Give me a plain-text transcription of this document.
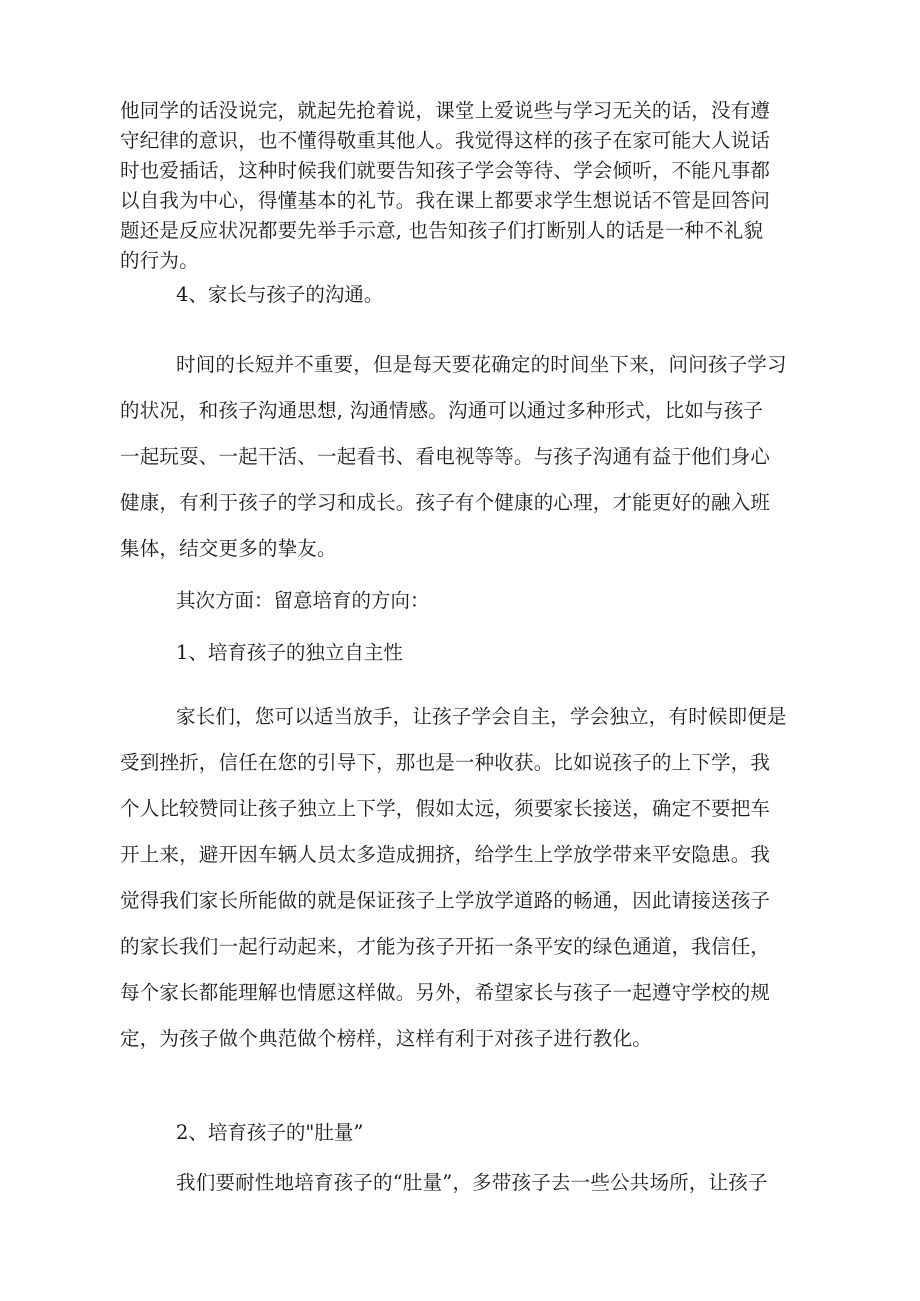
他同学的话没说完，就起先抢着说，课堂上爱说些与学习无关的话，没有遵
守纪律的意识，也不懂得敬重其他人。我觉得这样的孩子在家可能大人说话
时也爱插话，这种时候我们就要告知孩子学会等待、学会倾听，不能凡事都
以自我为中心，得懂基本的礼节。我在课上都要求学生想说话不管是回答问
题还是反应状况都要先举手示意, 也告知孩子们打断别人的话是一种不礼貌
的行为。
4、家长与孩子的沟通。
时间的长短并不重要，但是每天要花确定的时间坐下来，问问孩子学习
的状况，和孩子沟通思想, 沟通情感。沟通可以通过多种形式，比如与孩子
一起玩耍、一起干活、一起看书、看电视等等。与孩子沟通有益于他们身心
健康，有利于孩子的学习和成长。孩子有个健康的心理，才能更好的融入班
集体，结交更多的挚友。
其次方面：留意培育的方向：
1、培育孩子的独立自主性
家长们，您可以适当放手，让孩子学会自主，学会独立，有时候即便是
受到挫折，信任在您的引导下，那也是一种收获。比如说孩子的上下学，我
个人比较赞同让孩子独立上下学，假如太远，须要家长接送，确定不要把车
开上来，避开因车辆人员太多造成拥挤，给学生上学放学带来平安隐患。我
觉得我们家长所能做的就是保证孩子上学放学道路的畅通，因此请接送孩子
的家长我们一起行动起来，才能为孩子开拓一条平安的绿色通道，我信任，
每个家长都能理解也情愿这样做。另外，希望家长与孩子一起遵守学校的规
定，为孩子做个典范做个榜样，这样有利于对孩子进行教化。
2、培育孩子的"肚量”
我们要耐性地培育孩子的“肚量”，多带孩子去一些公共场所，让孩子
